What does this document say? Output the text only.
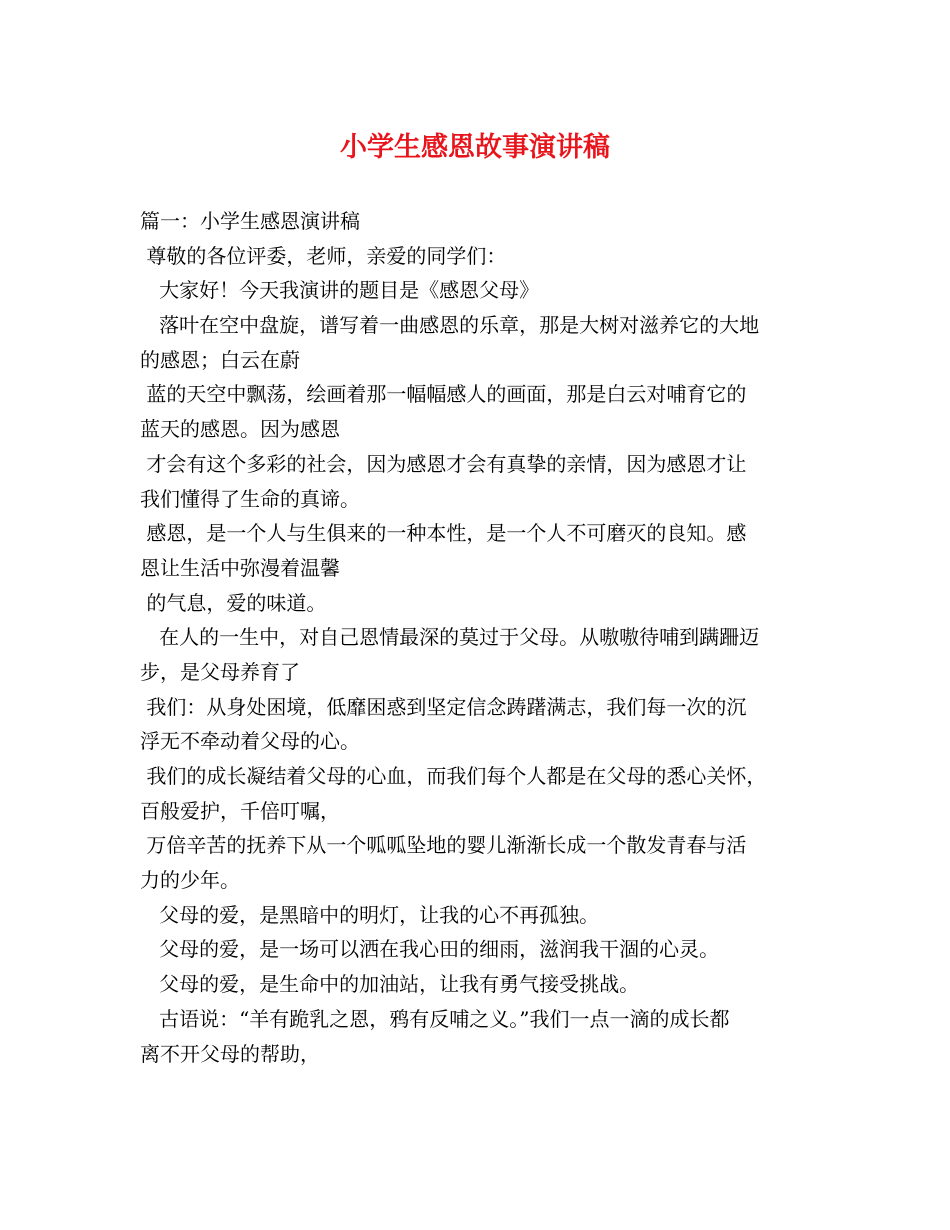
小学生感恩故事演讲稿
篇一：小学生感恩演讲稿
尊敬的各位评委，老师，亲爱的同学们：
大家好！今天我演讲的题目是《感恩父母》
落叶在空中盘旋，谱写着一曲感恩的乐章，那是大树对滋养它的大地
的感恩；白云在蔚
蓝的天空中飘荡，绘画着那一幅幅感人的画面，那是白云对哺育它的
蓝天的感恩。因为感恩
才会有这个多彩的社会，因为感恩才会有真挚的亲情，因为感恩才让
我们懂得了生命的真谛。
感恩，是一个人与生俱来的一种本性，是一个人不可磨灭的良知。感
恩让生活中弥漫着温馨
的气息，爱的味道。
在人的一生中，对自己恩情最深的莫过于父母。从嗷嗷待哺到蹒跚迈
步，是父母养育了
我们：从身处困境，低靡困惑到坚定信念踌躇满志，我们每一次的沉
浮无不牵动着父母的心。
我们的成长凝结着父母的心血，而我们每个人都是在父母的悉心关怀，
百般爱护，千倍叮嘱，
万倍辛苦的抚养下从一个呱呱坠地的婴儿渐渐长成一个散发青春与活
力的少年。
父母的爱，是黑暗中的明灯，让我的心不再孤独。
父母的爱，是一场可以洒在我心田的细雨，滋润我干涸的心灵。
父母的爱，是生命中的加油站，让我有勇气接受挑战。
古语说：“羊有跪乳之恩，鸦有反哺之义。”我们一点一滴的成长都
离不开父母的帮助，
